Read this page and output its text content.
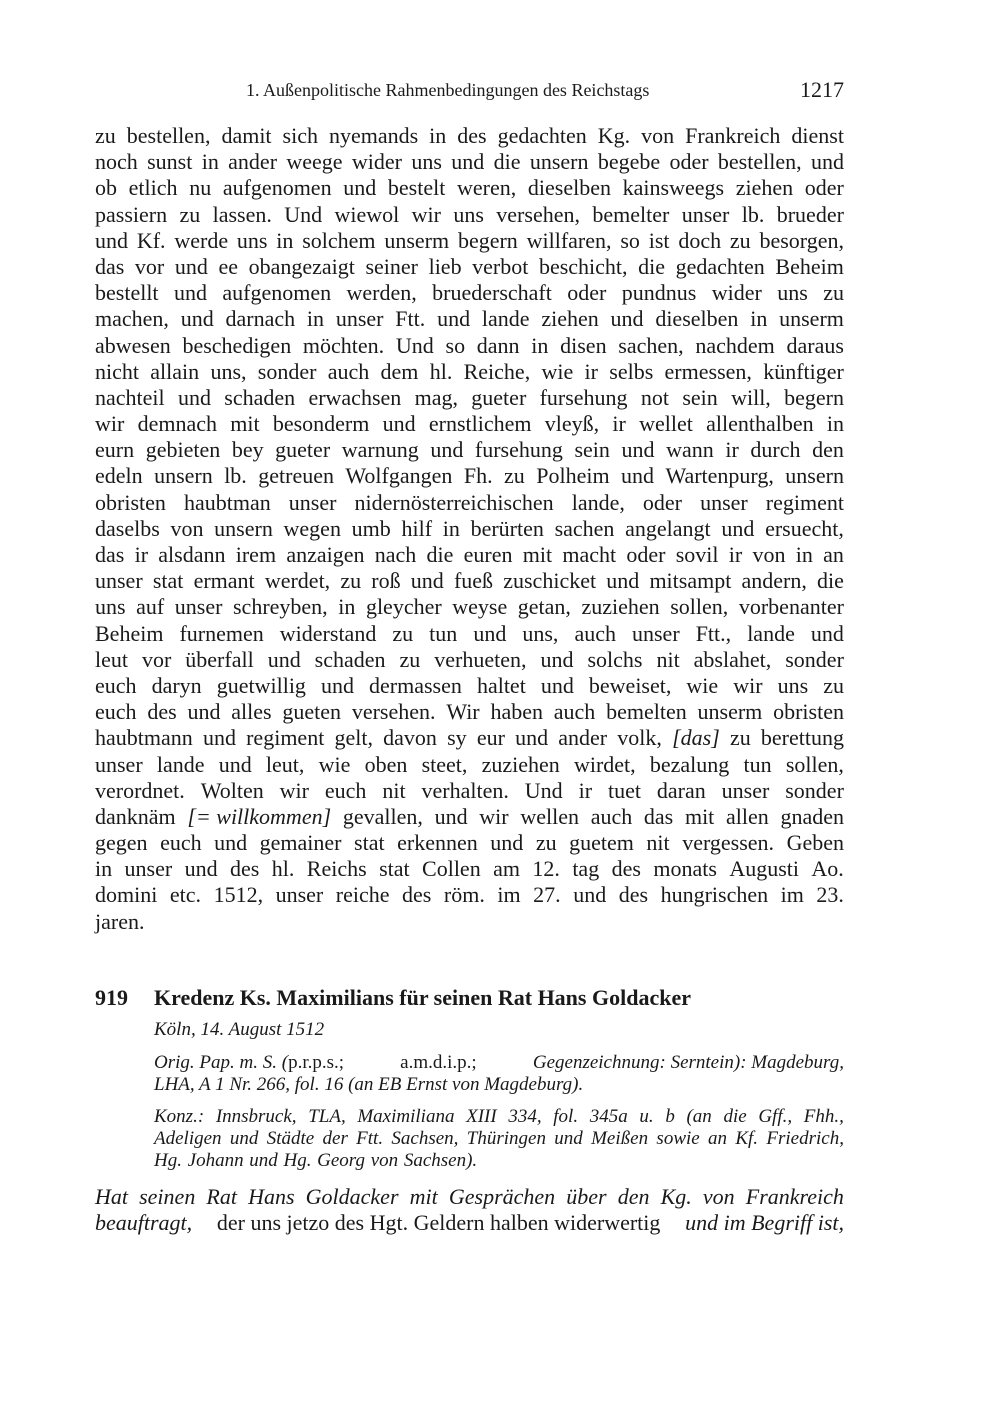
1. Außenpolitische Rahmenbedingungen des Reichstags	1217
zu bestellen, damit sich nyemands in des gedachten Kg. von Frankreich dienst
noch sunst in ander weege wider uns und die unsern begebe oder bestellen, und
ob etlich nu aufgenomen und bestelt weren, dieselben kainsweegs ziehen oder
passiern zu lassen. Und wiewol wir uns versehen, bemelter unser lb. brueder
und Kf. werde uns in solchem unserm begern willfaren, so ist doch zu besorgen,
das vor und ee obangezaigt seiner lieb verbot beschicht, die gedachten Beheim
bestellt und aufgenomen werden, bruederschaft oder pundnus wider uns zu
machen, und darnach in unser Ftt. und lande ziehen und dieselben in unserm
abwesen beschedigen möchten. Und so dann in disen sachen, nachdem daraus
nicht allain uns, sonder auch dem hl. Reiche, wie ir selbs ermessen, künftiger
nachteil und schaden erwachsen mag, gueter fursehung not sein will, begern
wir demnach mit besonderm und ernstlichem vleyß, ir wellet allenthalben in
eurn gebieten bey gueter warnung und fursehung sein und wann ir durch den
edeln unsern lb. getreuen Wolfgangen Fh. zu Polheim und Wartenpurg, unsern
obristen haubtman unser nidernösterreichischen lande, oder unser regiment
daselbs von unsern wegen umb hilf in berürten sachen angelangt und ersuecht,
das ir alsdann irem anzaigen nach die euren mit macht oder sovil ir von in an
unser stat ermant werdet, zu roß und fueß zuschicket und mitsampt andern, die
uns auf unser schreyben, in gleycher weyse getan, zuziehen sollen, vorbenanter
Beheim furnemen widerstand zu tun und uns, auch unser Ftt., lande und
leut vor überfall und schaden zu verhueten, und solchs nit abslahet, sonder
euch daryn guetwillig und dermassen haltet und beweiset, wie wir uns zu
euch des und alles gueten versehen. Wir haben auch bemelten unserm obristen
haubtmann und regiment gelt, davon sy eur und ander volk, [das] zu berettung
unser lande und leut, wie oben steet, zuziehen wirdet, bezalung tun sollen,
verordnet. Wolten wir euch nit verhalten. Und ir tuet daran unser sonder
danknäm [= willkommen] gevallen, und wir wellen auch das mit allen gnaden
gegen euch und gemainer stat erkennen und zu guetem nit vergessen. Geben
in unser und des hl. Reichs stat Collen am 12. tag des monats Augusti Ao.
domini etc. 1512, unser reiche des röm. im 27. und des hungrischen im 23.
jaren.
919 Kredenz Ks. Maximilians für seinen Rat Hans Goldacker
Köln, 14. August 1512
Orig. Pap. m. S. (p.r.p.s.;	a.m.d.i.p.;	Gegenzeichnung: Serntein): Magdeburg,
LHA, A 1 Nr. 266, fol. 16 (an EB Ernst von Magdeburg).
Konz.: Innsbruck, TLA, Maximiliana XIII 334, fol. 345a u. b (an die Gff., Fhh.,
Adeligen und Städte der Ftt. Sachsen, Thüringen und Meißen sowie an Kf. Friedrich,
Hg. Johann und Hg. Georg von Sachsen).
Hat seinen Rat Hans Goldacker mit Gesprächen über den Kg. von Frankreich
beauftragt, der uns jetzo des Hgt. Geldern halben widerwertig und im Begriff ist,
